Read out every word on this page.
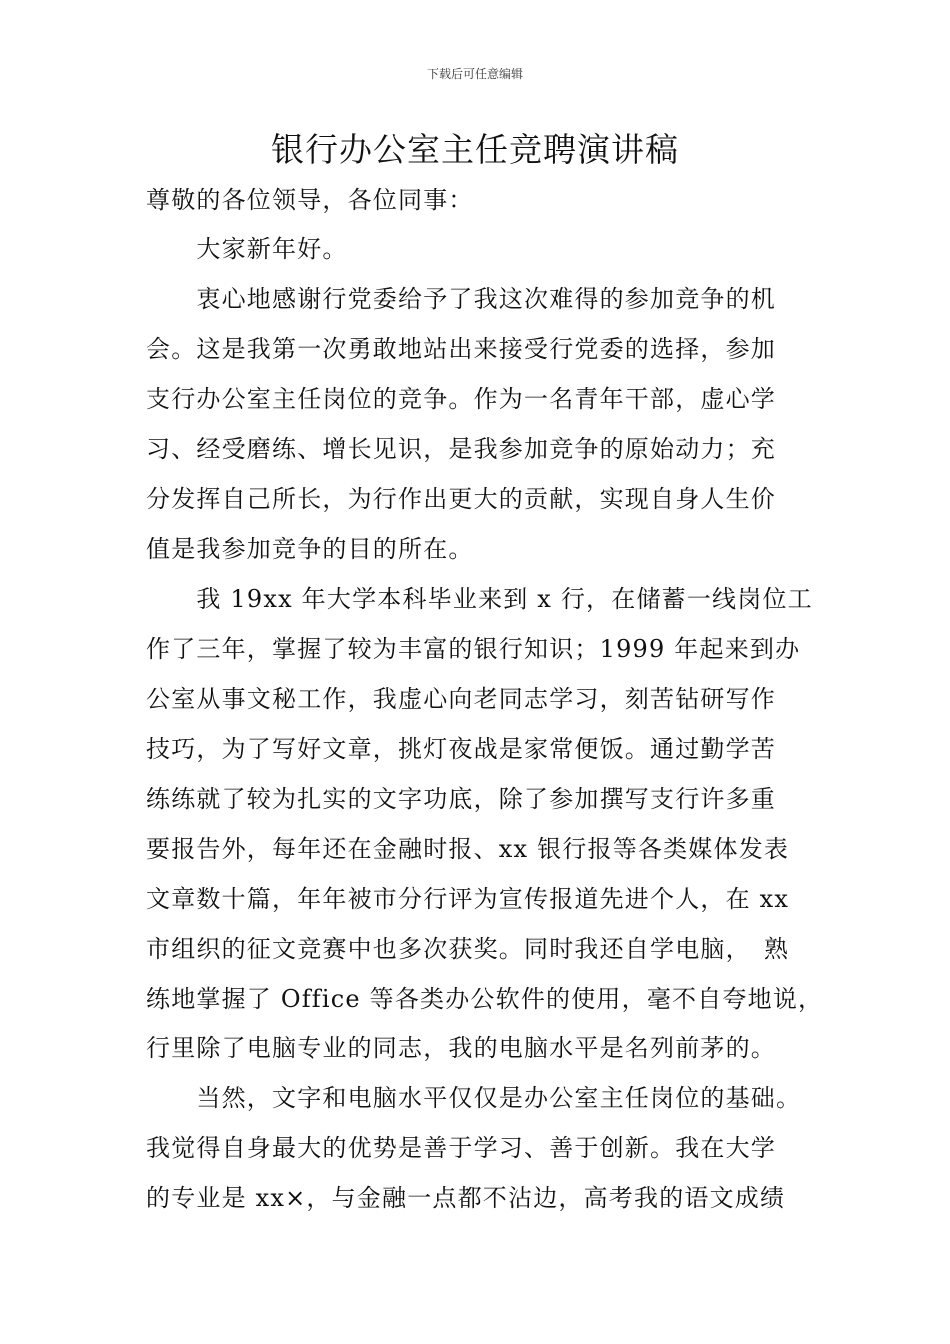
下载后可任意编辑
银行办公室主任竞聘演讲稿
尊敬的各位领导，各位同事：
　　大家新年好。
　　衷心地感谢行党委给予了我这次难得的参加竞争的机
会。这是我第一次勇敢地站出来接受行党委的选择，参加
支行办公室主任岗位的竞争。作为一名青年干部，虚心学
习、经受磨练、增长见识，是我参加竞争的原始动力；充
分发挥自己所长，为行作出更大的贡献，实现自身人生价
值是我参加竞争的目的所在。
　　我 19xx 年大学本科毕业来到 x 行，在储蓄一线岗位工
作了三年，掌握了较为丰富的银行知识；1999 年起来到办
公室从事文秘工作，我虚心向老同志学习，刻苦钻研写作
技巧，为了写好文章，挑灯夜战是家常便饭。通过勤学苦
练练就了较为扎实的文字功底，除了参加撰写支行许多重
要报告外，每年还在金融时报、xx 银行报等各类媒体发表
文章数十篇，年年被市分行评为宣传报道先进个人，在 xx
市组织的征文竞赛中也多次获奖。同时我还自学电脑，　熟
练地掌握了 Office 等各类办公软件的使用，毫不自夸地说，
行里除了电脑专业的同志，我的电脑水平是名列前茅的。
　　当然，文字和电脑水平仅仅是办公室主任岗位的基础。
我觉得自身最大的优势是善于学习、善于创新。我在大学
的专业是 xx×，与金融一点都不沾边，高考我的语文成绩
